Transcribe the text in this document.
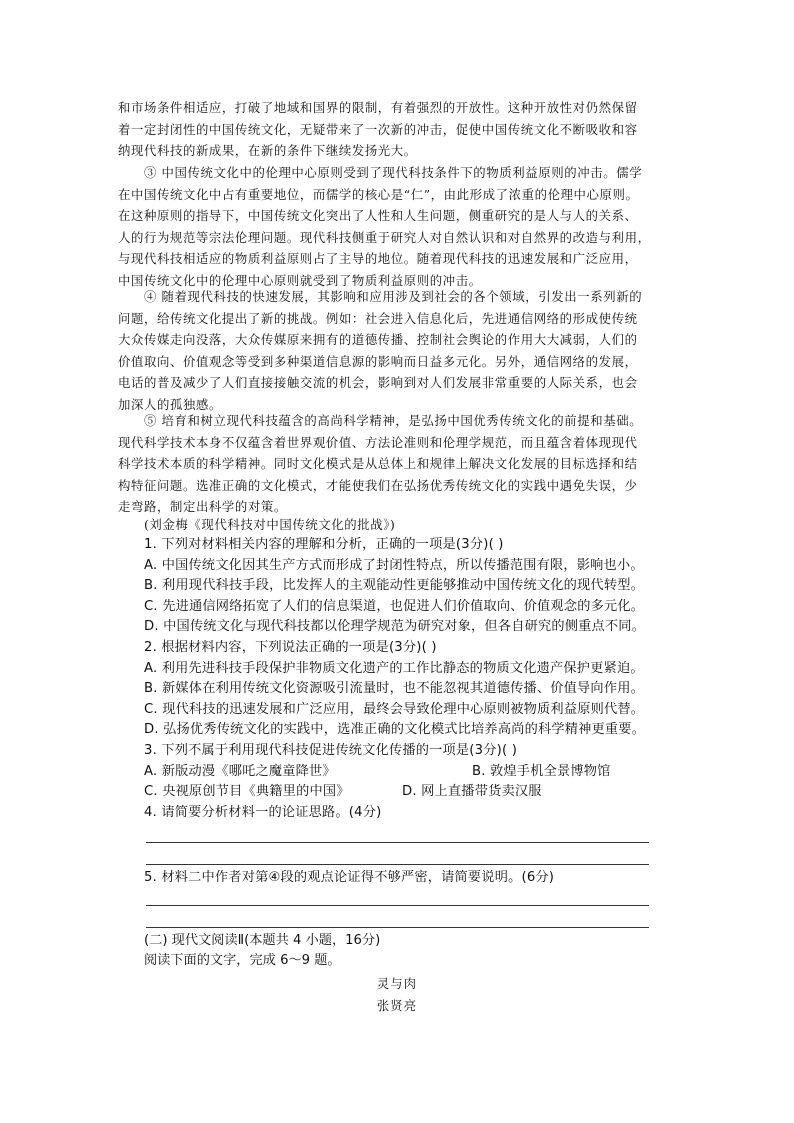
和市场条件相适应，打破了地域和国界的限制，有着强烈的开放性。这种开放性对仍然保留
着一定封闭性的中国传统文化，无疑带来了一次新的冲击，促使中国传统文化不断吸收和容
纳现代科技的新成果，在新的条件下继续发扬光大。
③ 中国传统文化中的伦理中心原则受到了现代科技条件下的物质利益原则的冲击。儒学
在中国传统文化中占有重要地位，而儒学的核心是“仁”，由此形成了浓重的伦理中心原则。
在这种原则的指导下，中国传统文化突出了人性和人生问题，侧重研究的是人与人的关系、
人的行为规范等宗法伦理问题。现代科技侧重于研究人对自然认识和对自然界的改造与利用，
与现代科技相适应的物质利益原则占了主导的地位。随着现代科技的迅速发展和广泛应用，
中国传统文化中的伦理中心原则就受到了物质利益原则的冲击。
④ 随着现代科技的快速发展，其影响和应用涉及到社会的各个领域，引发出一系列新的
问题，给传统文化提出了新的挑战。例如：社会进入信息化后，先进通信网络的形成使传统
大众传媒走向没落，大众传媒原来拥有的道德传播、控制社会舆论的作用大大减弱，人们的
价值取向、价值观念等受到多种渠道信息源的影响而日益多元化。另外，通信网络的发展，
电话的普及减少了人们直接接触交流的机会，影响到对人们发展非常重要的人际关系，也会
加深人的孤独感。
⑤ 培育和树立现代科技蕴含的高尚科学精神，是弘扬中国优秀传统文化的前提和基础。
现代科学技术本身不仅蕴含着世界观价值、方法论准则和伦理学规范，而且蕴含着体现现代
科学技术本质的科学精神。同时文化模式是从总体上和规律上解决文化发展的目标选择和结
构特征问题。选准正确的文化模式，才能使我们在弘扬优秀传统文化的实践中遇免失误，少
走弯路，制定出科学的对策。
(刘金梅《现代科技对中国传统文化的批战》)
1. 下列对材料相关内容的理解和分析，正确的一项是(3分)( )
A. 中国传统文化因其生产方式而形成了封闭性特点，所以传播范围有限，影响也小。
B. 利用现代科技手段，比发挥人的主观能动性更能够推动中国传统文化的现代转型。
C. 先进通信网络拓宽了人们的信息渠道，也促进人们价值取向、价值观念的多元化。
D. 中国传统文化与现代科技都以伦理学规范为研究对象，但各自研究的侧重点不同。
2. 根据材料内容，下列说法正确的一项是(3分)( )
A. 利用先进科技手段保护非物质文化遗产的工作比静态的物质文化遗产保护更紧迫。
B. 新媒体在利用传统文化资源吸引流量时，也不能忽视其道德传播、价值导向作用。
C. 现代科技的迅速发展和广泛应用，最终会导致伦理中心原则被物质利益原则代替。
D. 弘扬优秀传统文化的实践中，选准正确的文化模式比培养高尚的科学精神更重要。
3. 下列不属于利用现代科技促进传统文化传播的一项是(3分)( )
A. 新版动漫《哪吒之魔童降世》	B. 敦煌手机全景博物馆
C. 央视原创节目《典籍里的中国》	D. 网上直播带货卖汉服
4. 请简要分析材料一的论证思路。(4分)
5. 材料二中作者对第④段的观点论证得不够严密，请简要说明。(6分)
(二) 现代文阅读Ⅱ(本题共 4 小题，16分)
阅读下面的文字，完成 6～9 题。
灵与肉
张贤亮
